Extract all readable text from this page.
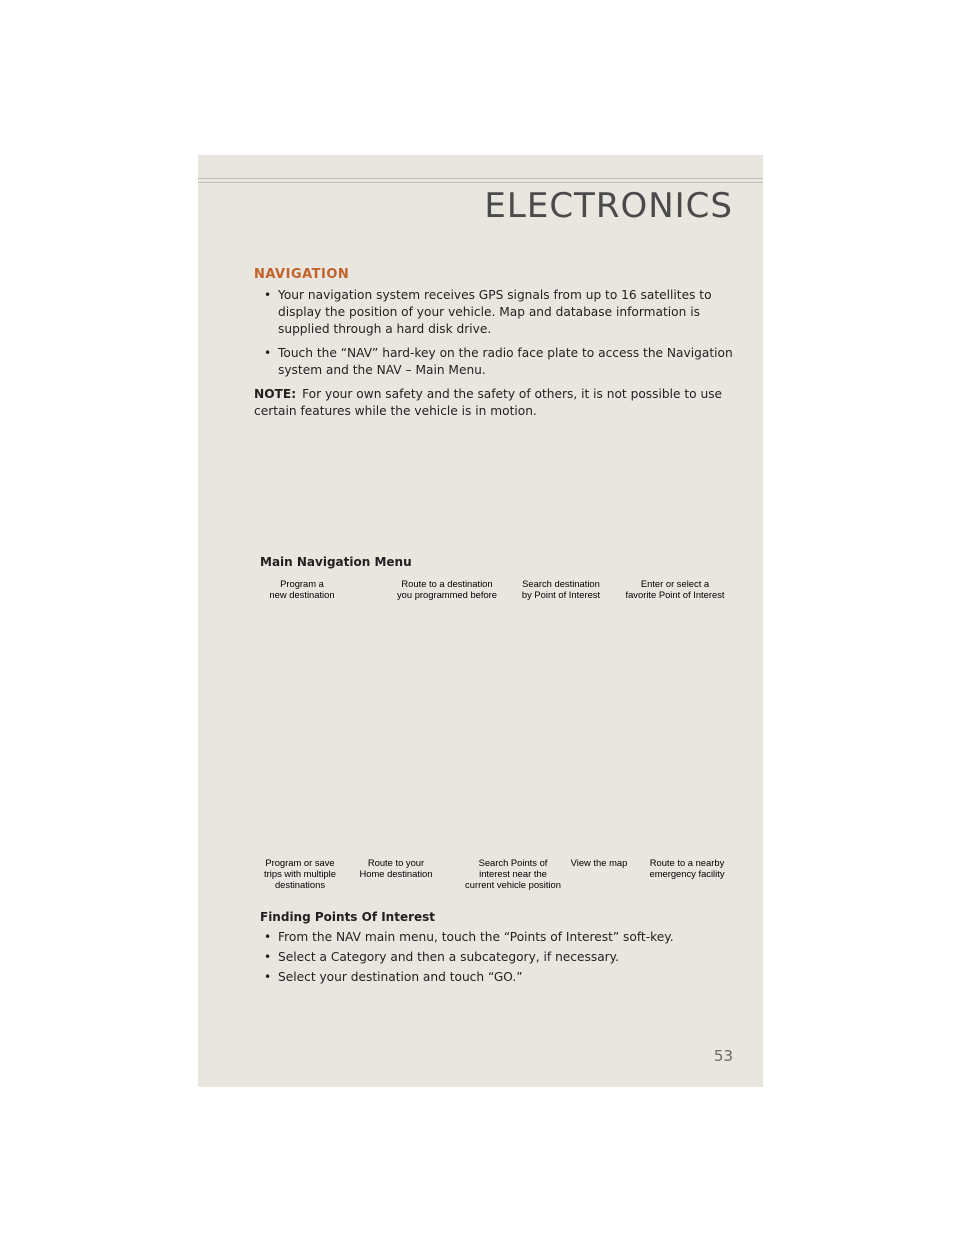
ELECTRONICS
NAVIGATION
• Your navigation system receives GPS signals from up to 16 satellites to display the position of your vehicle. Map and database information is supplied through a hard disk drive.
• Touch the “NAV” hard-key on the radio face plate to access the Navigation system and the NAV – Main Menu.
NOTE: For your own safety and the safety of others, it is not possible to use certain features while the vehicle is in motion.
Main Navigation Menu
Program a
new destination
Route to a destination
you programmed before
Search destination
by Point of Interest
Enter or select a
favorite Point of Interest
Program or save
trips with multiple
destinations
Route to your
Home destination
Search Points of
interest near the
current vehicle position
View the map	Route to a nearby
emergency facility
Finding Points Of Interest
• From the NAV main menu, touch the “Points of Interest” soft-key.
• Select a Category and then a subcategory, if necessary.
• Select your destination and touch “GO.”
53
